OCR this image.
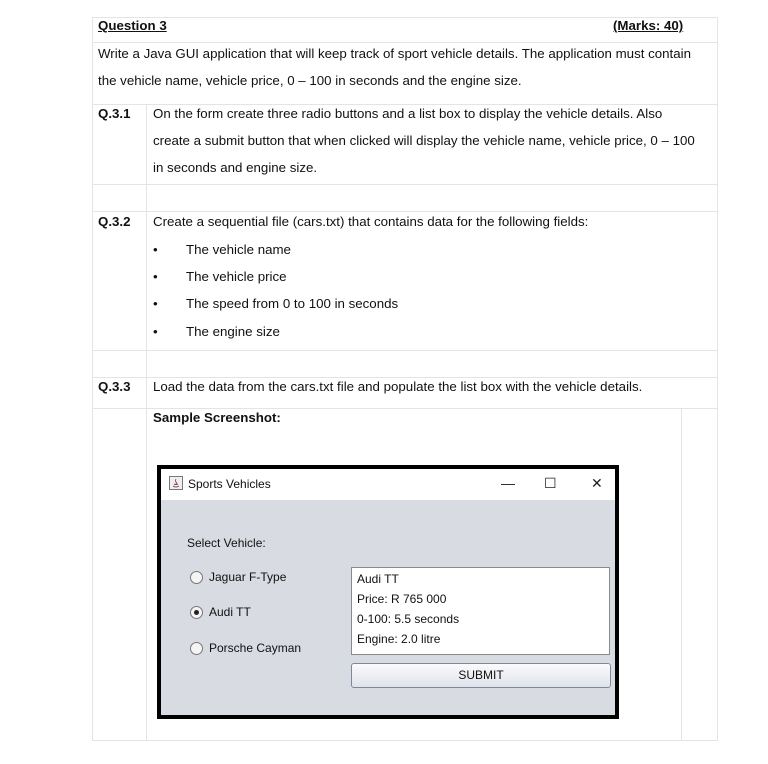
Question 3	(Marks: 40)
Write a Java GUI application that will keep track of sport vehicle details. The application must contain
the vehicle name, vehicle price, 0 – 100 in seconds and the engine size.
Q.3.1 On the form create three radio buttons and a list box to display the vehicle details. Also
create a submit button that when clicked will display the vehicle name, vehicle price, 0 – 100
in seconds and engine size.
Q.3.2 Create a sequential file (cars.txt) that contains data for the following fields:
• The vehicle name
• The vehicle price
• The speed from 0 to 100 in seconds
• The engine size
Q.3.3 Load the data from the cars.txt file and populate the list box with the vehicle details.
Sample Screenshot:
Sports Vehicles	— ☐ ✕
Select Vehicle:
Jaguar F-Type
Audi TT
Porsche Cayman
Audi TT
Price: R 765 000
0-100: 5.5 seconds
Engine: 2.0 litre
SUBMIT
